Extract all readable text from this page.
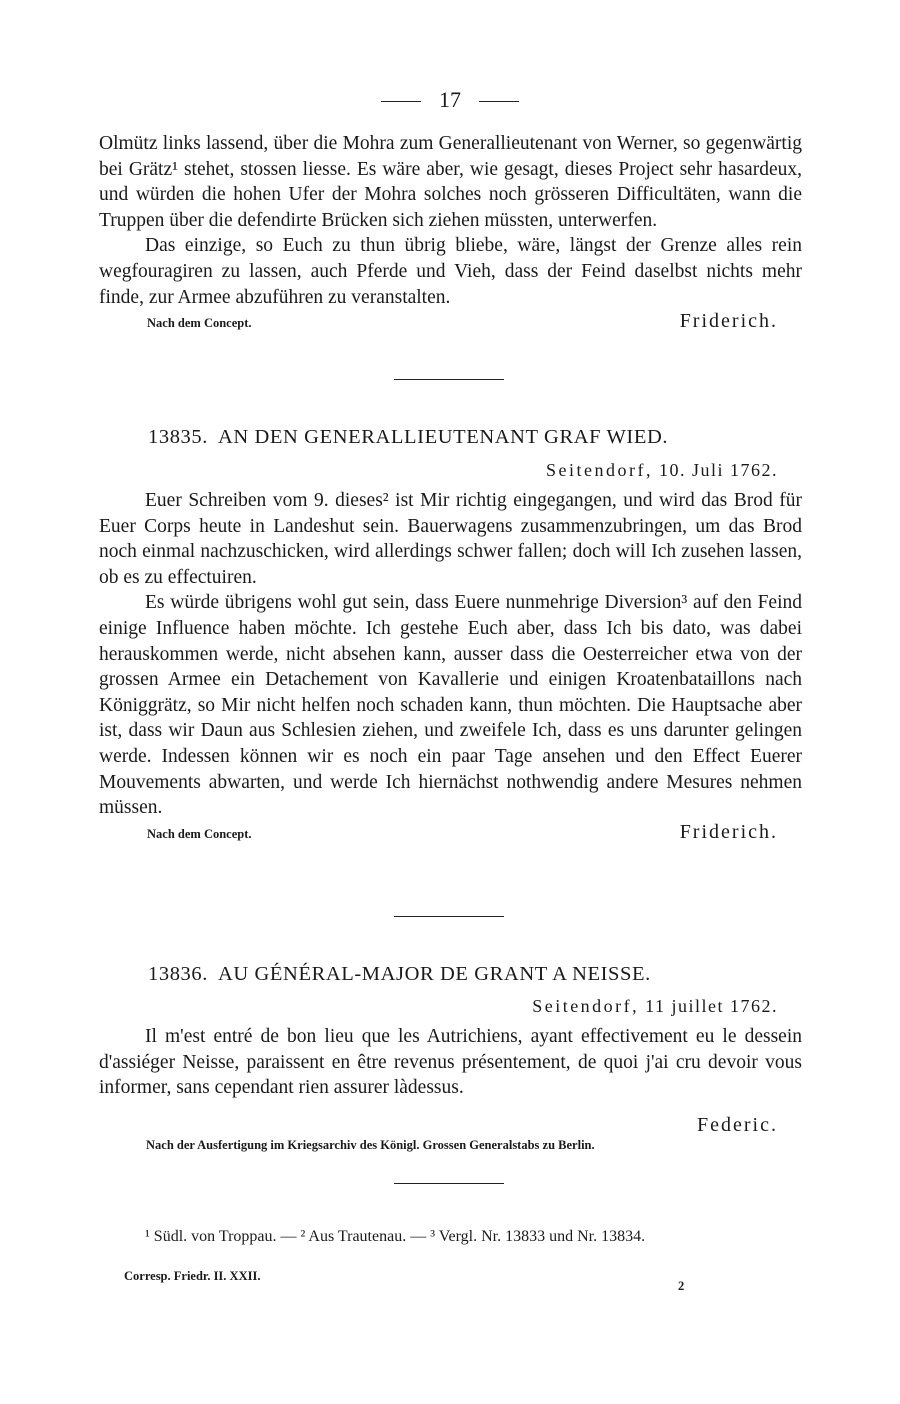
17

Olmütz links lassend, über die Mohra zum Generallieutenant von Werner, so gegenwärtig bei Grätz¹ stehet, stossen liesse. Es wäre aber, wie gesagt, dieses Project sehr hasardeux, und würden die hohen Ufer der Mohra solches noch grösseren Difficultäten, wann die Truppen über die defendirte Brücken sich ziehen müssten, unterwerfen.

Das einzige, so Euch zu thun übrig bliebe, wäre, längst der Grenze alles rein wegfouragiren zu lassen, auch Pferde und Vieh, dass der Feind daselbst nichts mehr finde, zur Armee abzuführen zu veranstalten.

Nach dem Concept.	Friderich.
13835. AN DEN GENERALLIEUTENANT GRAF WIED.
Seitendorf, 10. Juli 1762.

Euer Schreiben vom 9. dieses² ist Mir richtig eingegangen, und wird das Brod für Euer Corps heute in Landeshut sein. Bauerwagens zusammenzubringen, um das Brod noch einmal nachzuschicken, wird allerdings schwer fallen; doch will Ich zusehen lassen, ob es zu effectuiren.

Es würde übrigens wohl gut sein, dass Euere nunmehrige Diversion³ auf den Feind einige Influence haben möchte. Ich gestehe Euch aber, dass Ich bis dato, was dabei herauskommen werde, nicht absehen kann, ausser dass die Oesterreicher etwa von der grossen Armee ein Detachement von Kavallerie und einigen Kroatenbataillons nach Königgrätz, so Mir nicht helfen noch schaden kann, thun möchten. Die Hauptsache aber ist, dass wir Daun aus Schlesien ziehen, und zweifele Ich, dass es uns darunter gelingen werde. Indessen können wir es noch ein paar Tage ansehen und den Effect Euerer Mouvements abwarten, und werde Ich hiernächst nothwendig andere Mesures nehmen müssen.

Nach dem Concept.	Friderich.
13836. AU GÉNÉRAL-MAJOR DE GRANT A NEISSE.
Seitendorf, 11 juillet 1762.

Il m'est entré de bon lieu que les Autrichiens, ayant effectivement eu le dessein d'assiéger Neisse, paraissent en être revenus présentement, de quoi j'ai cru devoir vous informer, sans cependant rien assurer làdessus.

Federic.
Nach der Ausfertigung im Kriegsarchiv des Königl. Grossen Generalstabs zu Berlin.
¹ Südl. von Troppau. — ² Aus Trautenau. — ³ Vergl. Nr. 13833 und Nr. 13834.
Corresp. Friedr. II. XXII.
2
